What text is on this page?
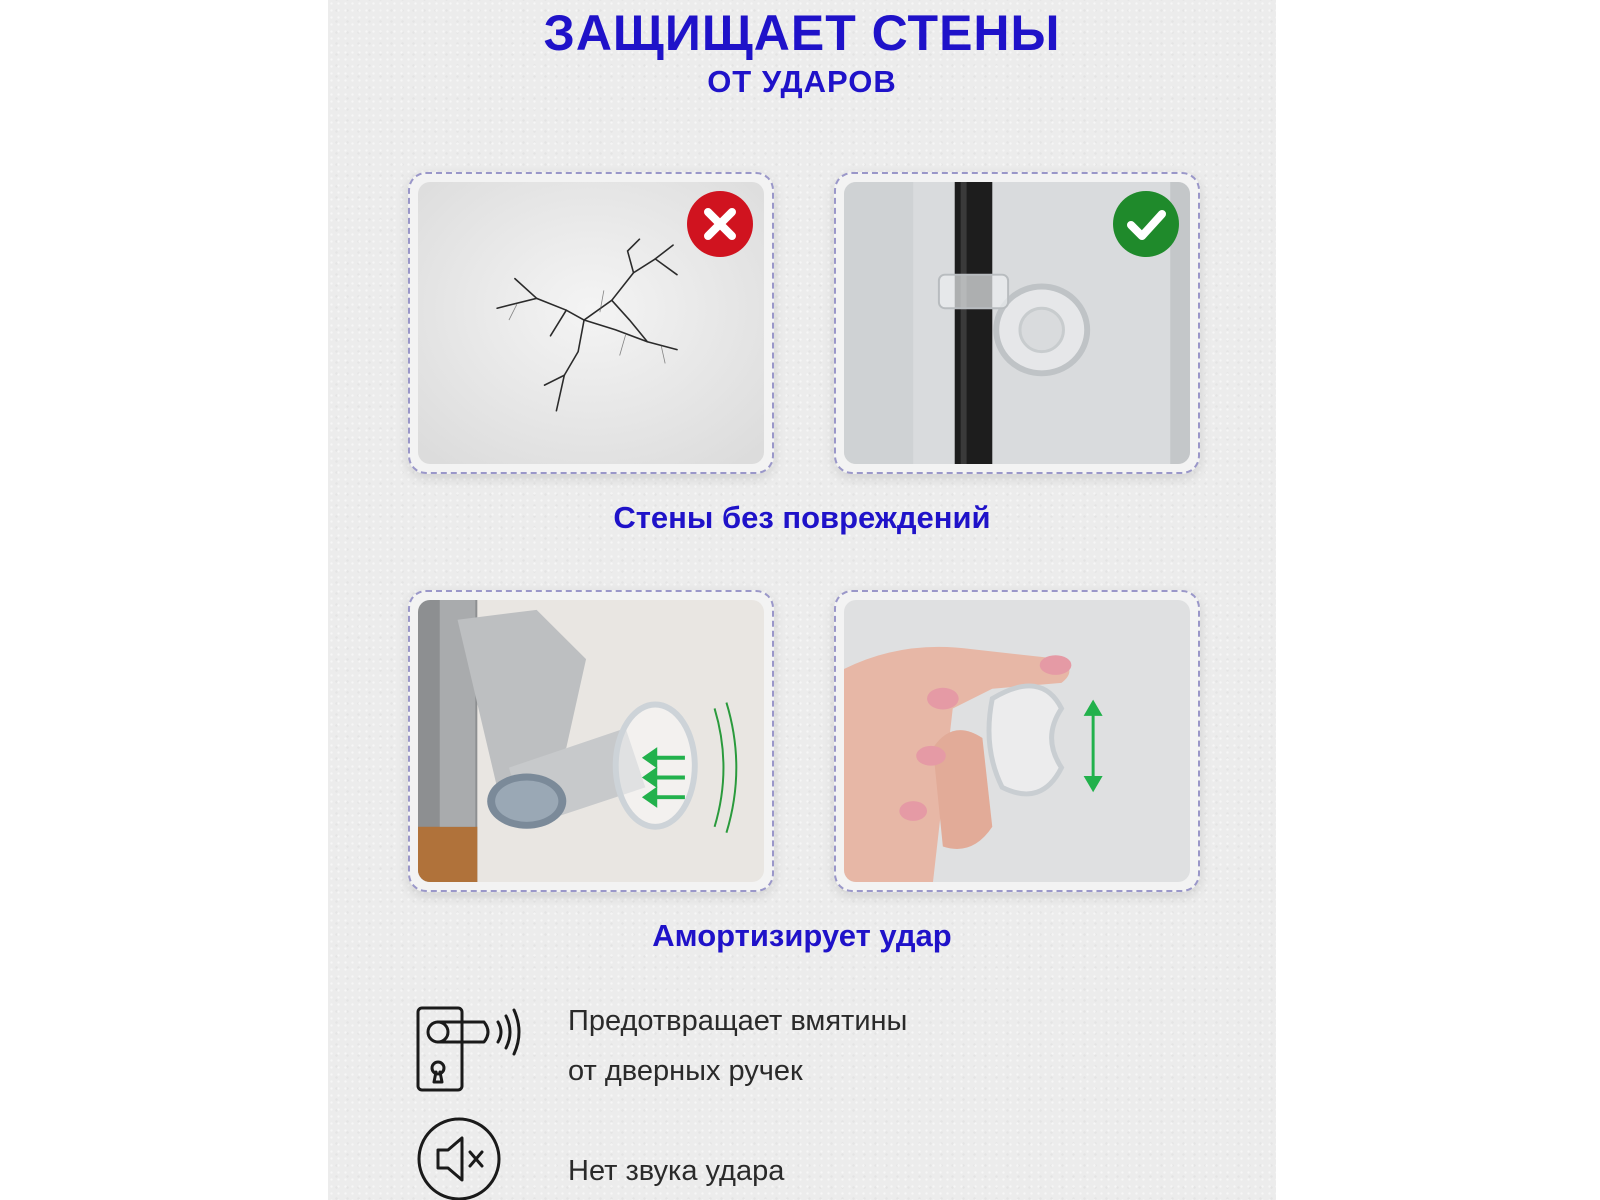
ЗАЩИЩАЕТ СТЕНЫ
ОТ УДАРОВ

Стены без повреждений

Амортизирует удар

Предотвращает вмятины

от дверных ручек

Нет звука удара
